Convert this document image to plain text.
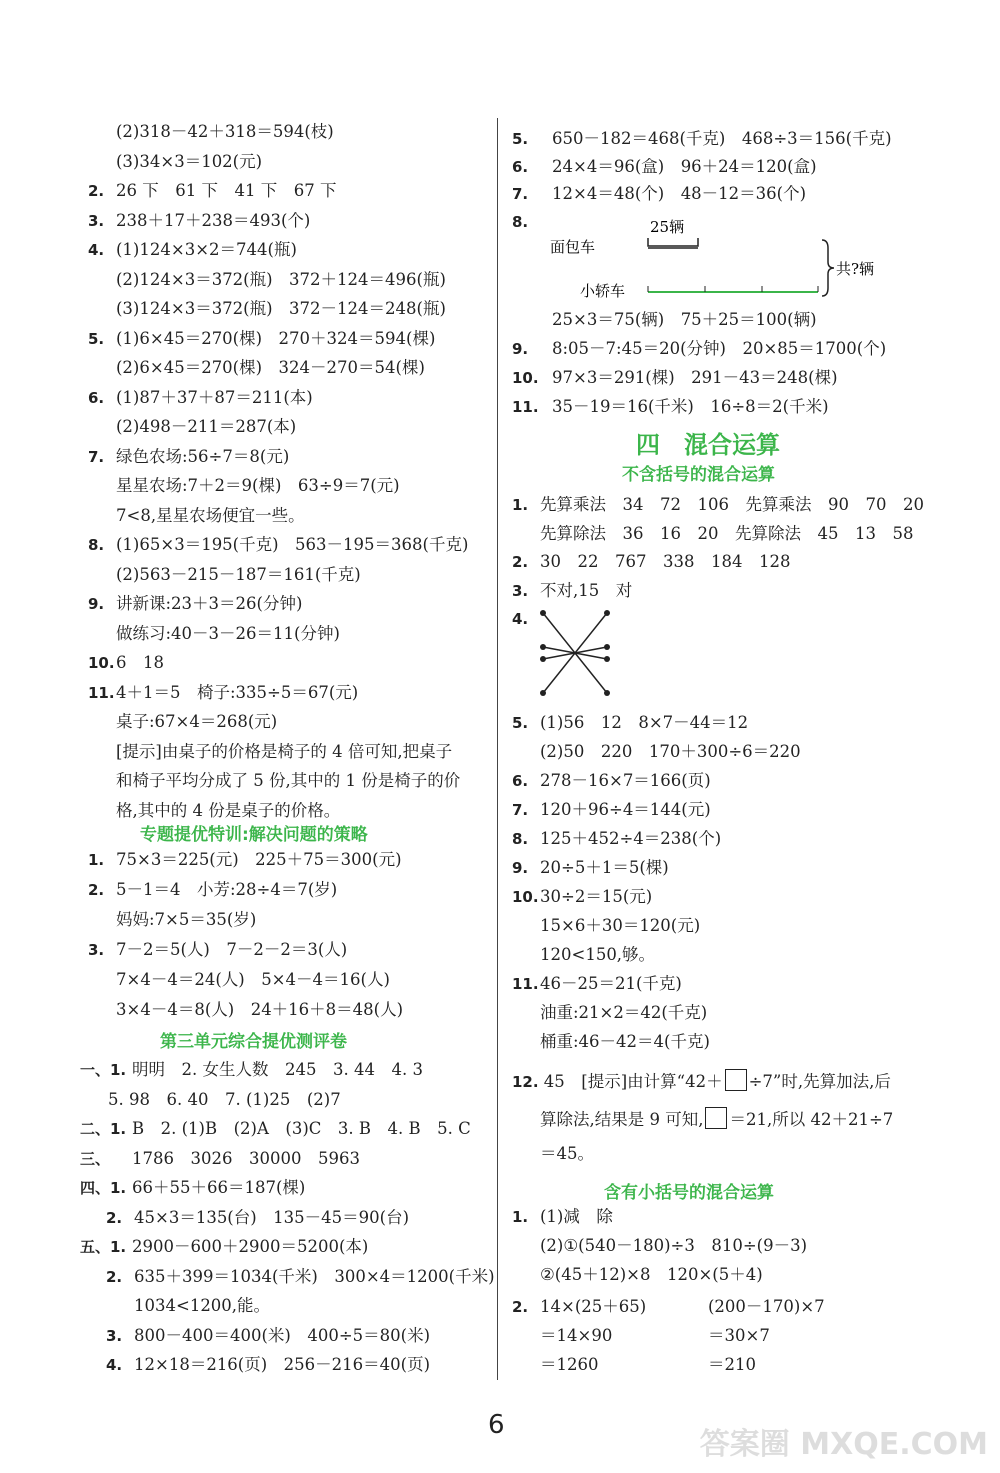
(2)318－42＋318＝594(枝)
(3)34×3＝102(元)
2. 26 下　61 下　41 下　67 下
3. 238＋17＋238＝493(个)
4. (1)124×3×2＝744(瓶)
(2)124×3＝372(瓶)　372＋124＝496(瓶)
(3)124×3＝372(瓶)　372－124＝248(瓶)
5. (1)6×45＝270(棵)　270＋324＝594(棵)
(2)6×45＝270(棵)　324－270＝54(棵)
6. (1)87＋37＋87＝211(本)
(2)498－211＝287(本)
7. 绿色农场:56÷7＝8(元)
星星农场:7＋2＝9(棵)　63÷9＝7(元)
7<8,星星农场便宜一些。
8. (1)65×3＝195(千克)　563－195＝368(千克)
(2)563－215－187＝161(千克)
9. 讲新课:23＋3＝26(分钟)
做练习:40－3－26＝11(分钟)
10.6　18
11.4＋1＝5　椅子:335÷5＝67(元)
桌子:67×4＝268(元)
[提示]由桌子的价格是椅子的 4 倍可知,把桌子
和椅子平均分成了 5 份,其中的 1 份是椅子的价
格,其中的 4 份是桌子的价格。
专题提优特训:解决问题的策略
1. 75×3＝225(元)　225＋75＝300(元)
2. 5－1＝4　小芳:28÷4＝7(岁)
妈妈:7×5＝35(岁)
3. 7－2＝5(人)　7－2－2＝3(人)
7×4－4＝24(人)　5×4－4＝16(人)
3×4－4＝8(人)　24＋16＋8＝48(人)
第三单元综合提优测评卷
一、1. 明明　2. 女生人数　245　3. 44　4. 3
5. 98　6. 40　7. (1)25　(2)7
二、1. B　2. (1)B　(2)A　(3)C　3. B　4. B　5. C
三、 1786　3026　30000　5963
四、1. 66＋55＋66＝187(棵)
2. 45×3＝135(台)　135－45＝90(台)
五、1. 2900－600＋2900＝5200(本)
2. 635＋399＝1034(千米)　300×4＝1200(千米)
1034<1200,能。
3. 800－400＝400(米)　400÷5＝80(米)
4. 12×18＝216(页)　256－216＝40(页)
5. 650－182＝468(千克)　468÷3＝156(千克)
6. 24×4＝96(盒)　96＋24＝120(盒)
7. 12×4＝48(个)　48－12＝36(个)
8.
25×3＝75(辆)　75＋25＝100(辆)
9. 8:05－7:45＝20(分钟)　20×85＝1700(个)
10. 97×3＝291(棵)　291－43＝248(棵)
11. 35－19＝16(千米)　16÷8＝2(千米)
四　混合运算
不含括号的混合运算
1. 先算乘法　34　72　106　先算乘法　90　70　20
先算除法　36　16　20　先算除法　45　13　58
2. 30　22　767　338　184　128
3. 不对,15　对
4.
5. (1)56　12　8×7－44＝12
(2)50　220　170＋300÷6＝220
6. 278－16×7＝166(页)
7. 120＋96÷4＝144(元)
8. 125＋452÷4＝238(个)
9. 20÷5＋1＝5(棵)
10.30÷2＝15(元)
15×6＋30＝120(元)
120<150,够。
11.46－25＝21(千克)
油重:21×2＝42(千克)
桶重:46－42＝4(千克)
12. 45　[提示]由计算“42＋ ÷7”时,先算加法,后
算除法,结果是 9 可知, ＝21,所以 42＋21÷7
＝45。
含有小括号的混合运算
1. (1)减　除
(2)①(540－180)÷3　810÷(9－3)
②(45＋12)×8　120×(5＋4)
2. 14×(25＋65)	(200－170)×7
＝14×90	＝30×7
＝1260	＝210
25辆
面包车
小轿车
共?辆
6
答案圈 MXQE.COM
